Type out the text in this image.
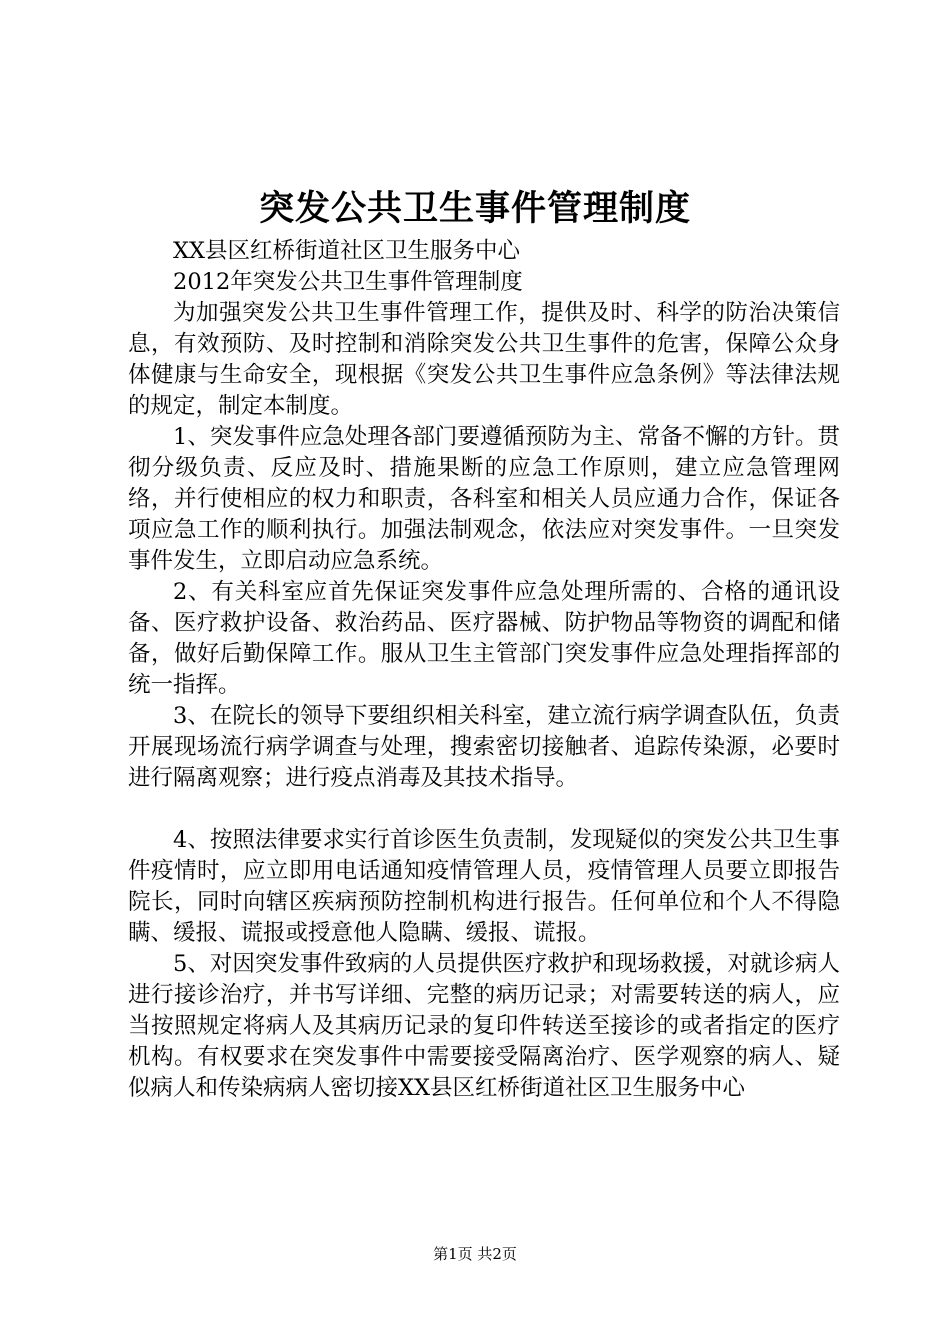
突发公共卫生事件管理制度

XX县区红桥街道社区卫生服务中心

2012年突发公共卫生事件管理制度

为加强突发公共卫生事件管理工作，提供及时、科学的防治决策信息，有效预防、及时控制和消除突发公共卫生事件的危害，保障公众身体健康与生命安全，现根据《突发公共卫生事件应急条例》等法律法规的规定，制定本制度。

1、突发事件应急处理各部门要遵循预防为主、常备不懈的方针。贯彻分级负责、反应及时、措施果断的应急工作原则，建立应急管理网络，并行使相应的权力和职责，各科室和相关人员应通力合作，保证各项应急工作的顺利执行。加强法制观念，依法应对突发事件。一旦突发事件发生，立即启动应急系统。

2、有关科室应首先保证突发事件应急处理所需的、合格的通讯设备、医疗救护设备、救治药品、医疗器械、防护物品等物资的调配和储备，做好后勤保障工作。服从卫生主管部门突发事件应急处理指挥部的统一指挥。

3、在院长的领导下要组织相关科室，建立流行病学调查队伍，负责开展现场流行病学调查与处理，搜索密切接触者、追踪传染源，必要时进行隔离观察；进行疫点消毒及其技术指导。

4、按照法律要求实行首诊医生负责制，发现疑似的突发公共卫生事件疫情时，应立即用电话通知疫情管理人员，疫情管理人员要立即报告院长，同时向辖区疾病预防控制机构进行报告。任何单位和个人不得隐瞒、缓报、谎报或授意他人隐瞒、缓报、谎报。

5、对因突发事件致病的人员提供医疗救护和现场救援，对就诊病人进行接诊治疗，并书写详细、完整的病历记录；对需要转送的病人，应当按照规定将病人及其病历记录的复印件转送至接诊的或者指定的医疗机构。有权要求在突发事件中需要接受隔离治疗、医学观察的病人、疑似病人和传染病病人密切接XX县区红桥街道社区卫生服务中心

第1页 共2页
